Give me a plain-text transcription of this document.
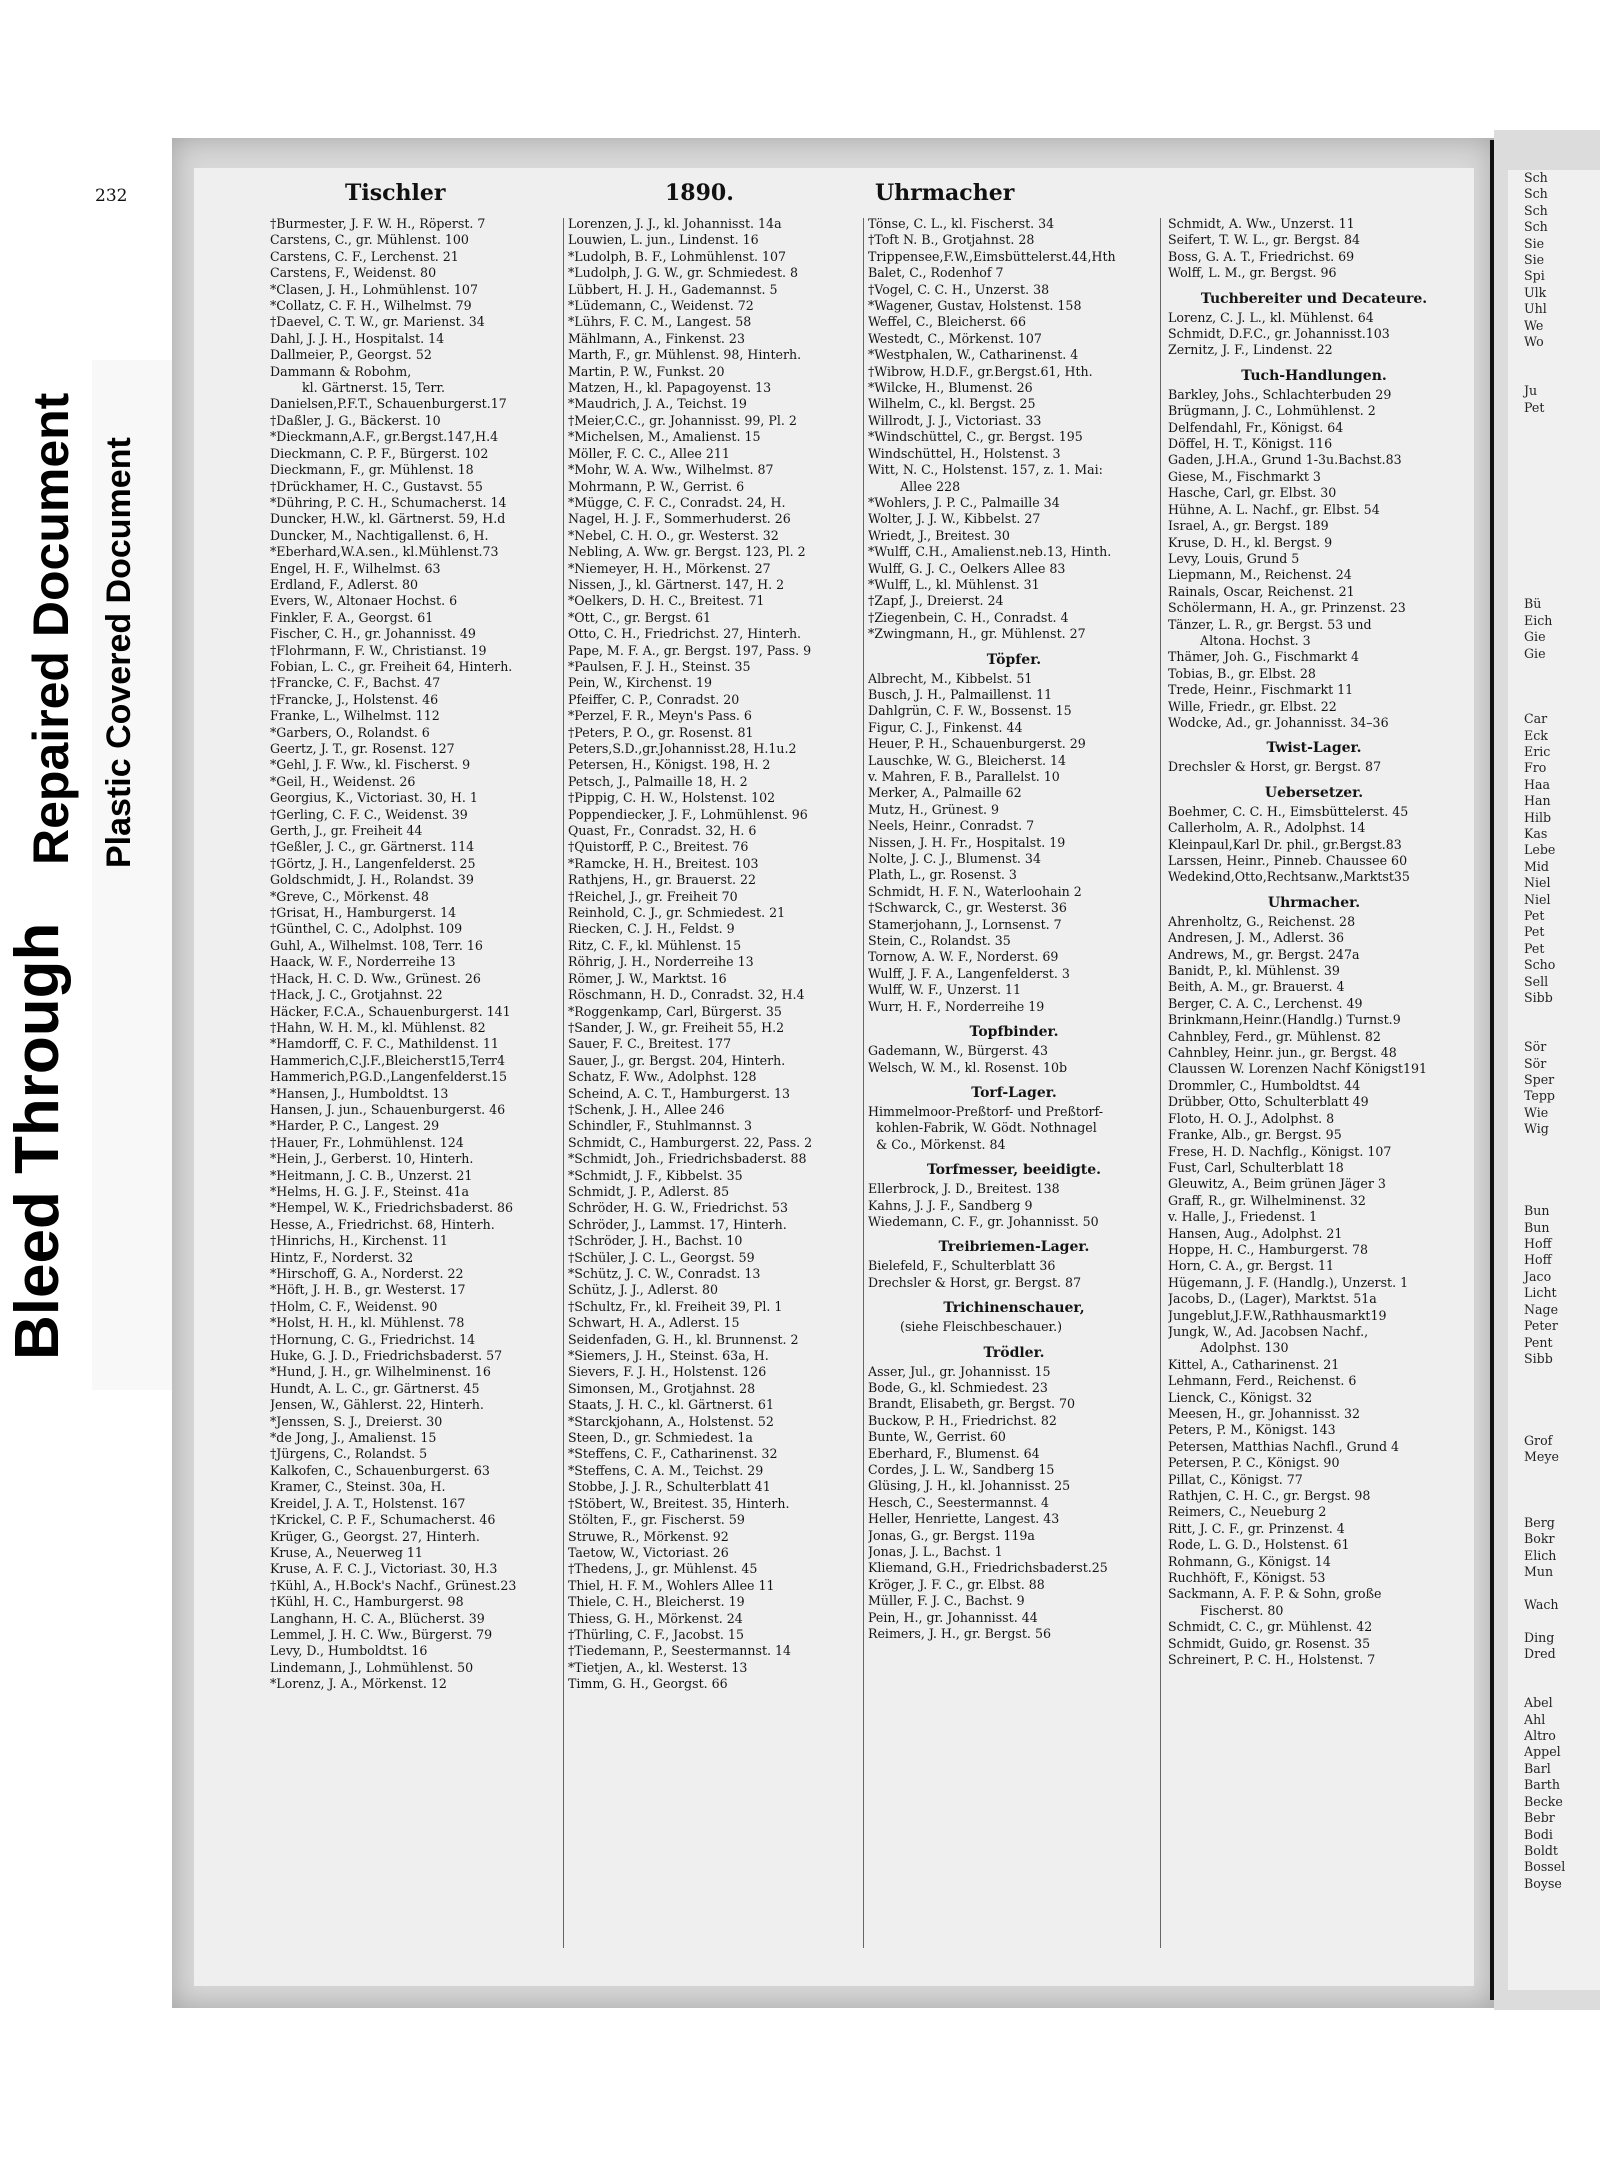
Bleed Through
Repaired Document Plastic Covered Document
232	Tischler	1890.	Uhrmacher
†Burmester, J. F. W. H., Röperst. 7
Carstens, C., gr. Mühlenst. 100
Carstens, C. F., Lerchenst. 21
Carstens, F., Weidenst. 80
*Clasen, J. H., Lohmühlenst. 107
*Collatz, C. F. H., Wilhelmst. 79
†Daevel, C. T. W., gr. Marienst. 34
Dahl, J. J. H., Hospitalst. 14
Dallmeier, P., Georgst. 52
Dammann & Robohm,
kl. Gärtnerst. 15, Terr.
Danielsen,P.F.T., Schauenburgerst.17
†Daßler, J. G., Bäckerst. 10
*Dieckmann,A.F., gr.Bergst.147,H.4
Dieckmann, C. P. F., Bürgerst. 102
Dieckmann, F., gr. Mühlenst. 18
†Drückhamer, H. C., Gustavst. 55
*Dühring, P. C. H., Schumacherst. 14
Duncker, H.W., kl. Gärtnerst. 59, H.d
Duncker, M., Nachtigallenst. 6, H.
*Eberhard,W.A.sen., kl.Mühlenst.73
Engel, H. F., Wilhelmst. 63
Erdland, F., Adlerst. 80
Evers, W., Altonaer Hochst. 6
Finkler, F. A., Georgst. 61
Fischer, C. H., gr. Johannisst. 49
†Flohrmann, F. W., Christianst. 19
Fobian, L. C., gr. Freiheit 64, Hinterh.
†Francke, C. F., Bachst. 47
†Francke, J., Holstenst. 46
Franke, L., Wilhelmst. 112
*Garbers, O., Rolandst. 6
Geertz, J. T., gr. Rosenst. 127
*Gehl, J. F. Ww., kl. Fischerst. 9
*Geil, H., Weidenst. 26
Georgius, K., Victoriast. 30, H. 1
†Gerling, C. F. C., Weidenst. 39
Gerth, J., gr. Freiheit 44
†Geßler, J. C., gr. Gärtnerst. 114
†Görtz, J. H., Langenfelderst. 25
Goldschmidt, J. H., Rolandst. 39
*Greve, C., Mörkenst. 48
†Grisat, H., Hamburgerst. 14
†Günthel, C. C., Adolphst. 109
Guhl, A., Wilhelmst. 108, Terr. 16
Haack, W. F., Norderreihe 13
†Hack, H. C. D. Ww., Grünest. 26
†Hack, J. C., Grotjahnst. 22
Häcker, F.C.A., Schauenburgerst. 141
†Hahn, W. H. M., kl. Mühlenst. 82
*Hamdorff, C. F. C., Mathildenst. 11
Hammerich,C.J.F.,Bleicherst15,Terr4
Hammerich,P.G.D.,Langenfelderst.15
*Hansen, J., Humboldtst. 13
Hansen, J. jun., Schauenburgerst. 46
*Harder, P. C., Langest. 29
†Hauer, Fr., Lohmühlenst. 124
*Hein, J., Gerberst. 10, Hinterh.
*Heitmann, J. C. B., Unzerst. 21
*Helms, H. G. J. F., Steinst. 41a
*Hempel, W. K., Friedrichsbaderst. 86
Hesse, A., Friedrichst. 68, Hinterh.
†Hinrichs, H., Kirchenst. 11
Hintz, F., Norderst. 32
*Hirschoff, G. A., Norderst. 22
*Höft, J. H. B., gr. Westerst. 17
†Holm, C. F., Weidenst. 90
*Holst, H. H., kl. Mühlenst. 78
†Hornung, C. G., Friedrichst. 14
Huke, G. J. D., Friedrichsbaderst. 57
*Hund, J. H., gr. Wilhelminenst. 16
Hundt, A. L. C., gr. Gärtnerst. 45
Jensen, W., Gählerst. 22, Hinterh.
*Jenssen, S. J., Dreierst. 30
*de Jong, J., Amalienst. 15
†Jürgens, C., Rolandst. 5
Kalkofen, C., Schauenburgerst. 63
Kramer, C., Steinst. 30a, H.
Kreidel, J. A. T., Holstenst. 167
†Krickel, C. P. F., Schumacherst. 46
Krüger, G., Georgst. 27, Hinterh.
Kruse, A., Neuerweg 11
Kruse, A. F. C. J., Victoriast. 30, H.3
†Kühl, A., H.Bock's Nachf., Grünest.23
†Kühl, H. C., Hamburgerst. 98
Langhann, H. C. A., Blücherst. 39
Lemmel, J. H. C. Ww., Bürgerst. 79
Levy, D., Humboldtst. 16
Lindemann, J., Lohmühlenst. 50
*Lorenz, J. A., Mörkenst. 12
Lorenzen, J. J., kl. Johannisst. 14a
Louwien, L. jun., Lindenst. 16
*Ludolph, B. F., Lohmühlenst. 107
*Ludolph, J. G. W., gr. Schmiedest. 8
Lübbert, H. J. H., Gademannst. 5
*Lüdemann, C., Weidenst. 72
*Lührs, F. C. M., Langest. 58
Mählmann, A., Finkenst. 23
Marth, F., gr. Mühlenst. 98, Hinterh.
Martin, P. W., Funkst. 20
Matzen, H., kl. Papagoyenst. 13
*Maudrich, J. A., Teichst. 19
†Meier,C.C., gr. Johannisst. 99, Pl. 2
*Michelsen, M., Amalienst. 15
Möller, F. C. C., Allee 211
*Mohr, W. A. Ww., Wilhelmst. 87
Mohrmann, P. W., Gerrist. 6
*Mügge, C. F. C., Conradst. 24, H.
Nagel, H. J. F., Sommerhuderst. 26
*Nebel, C. H. O., gr. Westerst. 32
Nebling, A. Ww. gr. Bergst. 123, Pl. 2
*Niemeyer, H. H., Mörkenst. 27
Nissen, J., kl. Gärtnerst. 147, H. 2
*Oelkers, D. H. C., Breitest. 71
*Ott, C., gr. Bergst. 61
Otto, C. H., Friedrichst. 27, Hinterh.
Pape, M. F. A., gr. Bergst. 197, Pass. 9
*Paulsen, F. J. H., Steinst. 35
Pein, W., Kirchenst. 19
Pfeiffer, C. P., Conradst. 20
*Perzel, F. R., Meyn's Pass. 6
†Peters, P. O., gr. Rosenst. 81
Peters,S.D.,gr.Johannisst.28, H.1u.2
Petersen, H., Königst. 198, H. 2
Petsch, J., Palmaille 18, H. 2
†Pippig, C. H. W., Holstenst. 102
Poppendiecker, J. F., Lohmühlenst. 96
Quast, Fr., Conradst. 32, H. 6
†Quistorff, P. C., Breitest. 76
*Ramcke, H. H., Breitest. 103
Rathjens, H., gr. Brauerst. 22
†Reichel, J., gr. Freiheit 70
Reinhold, C. J., gr. Schmiedest. 21
Riecken, C. J. H., Feldst. 9
Ritz, C. F., kl. Mühlenst. 15
Röhrig, J. H., Norderreihe 13
Römer, J. W., Marktst. 16
Röschmann, H. D., Conradst. 32, H.4
*Roggenkamp, Carl, Bürgerst. 35
†Sander, J. W., gr. Freiheit 55, H.2
Sauer, F. C., Breitest. 177
Sauer, J., gr. Bergst. 204, Hinterh.
Schatz, F. Ww., Adolphst. 128
Scheind, A. C. T., Hamburgerst. 13
†Schenk, J. H., Allee 246
Schindler, F., Stuhlmannst. 3
Schmidt, C., Hamburgerst. 22, Pass. 2
*Schmidt, Joh., Friedrichsbaderst. 88
*Schmidt, J. F., Kibbelst. 35
Schmidt, J. P., Adlerst. 85
Schröder, H. G. W., Friedrichst. 53
Schröder, J., Lammst. 17, Hinterh.
†Schröder, J. H., Bachst. 10
†Schüler, J. C. L., Georgst. 59
*Schütz, J. C. W., Conradst. 13
Schütz, J. J., Adlerst. 80
†Schultz, Fr., kl. Freiheit 39, Pl. 1
Schwart, H. A., Adlerst. 15
Seidenfaden, G. H., kl. Brunnenst. 2
*Siemers, J. H., Steinst. 63a, H.
Sievers, F. J. H., Holstenst. 126
Simonsen, M., Grotjahnst. 28
Staats, J. H. C., kl. Gärtnerst. 61
*Starckjohann, A., Holstenst. 52
Steen, D., gr. Schmiedest. 1a
*Steffens, C. F., Catharinenst. 32
*Steffens, C. A. M., Teichst. 29
Stobbe, J. J. R., Schulterblatt 41
†Stöbert, W., Breitest. 35, Hinterh.
Stölten, F., gr. Fischerst. 59
Struwe, R., Mörkenst. 92
Taetow, W., Victoriast. 26
†Thedens, J., gr. Mühlenst. 45
Thiel, H. F. M., Wohlers Allee 11
Thiele, C. H., Bleicherst. 19
Thiess, G. H., Mörkenst. 24
†Thürling, C. F., Jacobst. 15
†Tiedemann, P., Seestermannst. 14
*Tietjen, A., kl. Westerst. 13
Timm, G. H., Georgst. 66
Tönse, C. L., kl. Fischerst. 34
†Toft N. B., Grotjahnst. 28
Trippensee,F.W.,Eimsbüttelerst.44,Hth
Balet, C., Rodenhof 7
†Vogel, C. C. H., Unzerst. 38
*Wagener, Gustav, Holstenst. 158
Weffel, C., Bleicherst. 66
Westedt, C., Mörkenst. 107
*Westphalen, W., Catharinenst. 4
†Wibrow, H.D.F., gr.Bergst.61, Hth.
*Wilcke, H., Blumenst. 26
Wilhelm, C., kl. Bergst. 25
Willrodt, J. J., Victoriast. 33
*Windschüttel, C., gr. Bergst. 195
Windschüttel, H., Holstenst. 3
Witt, N. C., Holstenst. 157, z. 1. Mai:
Allee 228
*Wohlers, J. P. C., Palmaille 34
Wolter, J. J. W., Kibbelst. 27
Wriedt, J., Breitest. 30
*Wulff, C.H., Amalienst.neb.13, Hinth.
Wulff, G. J. C., Oelkers Allee 83
*Wulff, L., kl. Mühlenst. 31
†Zapf, J., Dreierst. 24
†Ziegenbein, C. H., Conradst. 4
*Zwingmann, H., gr. Mühlenst. 27
Töpfer.
Albrecht, M., Kibbelst. 51
Busch, J. H., Palmaillenst. 11
Dahlgrün, C. F. W., Bossenst. 15
Figur, C. J., Finkenst. 44
Heuer, P. H., Schauenburgerst. 29
Lauschke, W. G., Bleicherst. 14
v. Mahren, F. B., Parallelst. 10
Merker, A., Palmaille 62
Mutz, H., Grünest. 9
Neels, Heinr., Conradst. 7
Nissen, J. H. Fr., Hospitalst. 19
Nolte, J. C. J., Blumenst. 34
Plath, L., gr. Rosenst. 3
Schmidt, H. F. N., Waterloohain 2
†Schwarck, C., gr. Westerst. 36
Stamerjohann, J., Lornsenst. 7
Stein, C., Rolandst. 35
Tornow, A. W. F., Norderst. 69
Wulff, J. F. A., Langenfelderst. 3
Wulff, W. F., Unzerst. 11
Wurr, H. F., Norderreihe 19
Topfbinder.
Gademann, W., Bürgerst. 43
Welsch, W. M., kl. Rosenst. 10b
Torf-Lager.
Himmelmoor-Preßtorf- und Preßtorf-
kohlen-Fabrik, W. Gödt. Nothnagel
& Co., Mörkenst. 84
Torfmesser, beeidigte.
Ellerbrock, J. D., Breitest. 138
Kahns, J. J. F., Sandberg 9
Wiedemann, C. F., gr. Johannisst. 50
Treibriemen-Lager.
Bielefeld, F., Schulterblatt 36
Drechsler & Horst, gr. Bergst. 87
Trichinenschauer,
(siehe Fleischbeschauer.)
Trödler.
Asser, Jul., gr. Johannisst. 15
Bode, G., kl. Schmiedest. 23
Brandt, Elisabeth, gr. Bergst. 70
Buckow, P. H., Friedrichst. 82
Bunte, W., Gerrist. 60
Eberhard, F., Blumenst. 64
Cordes, J. L. W., Sandberg 15
Glüsing, J. H., kl. Johannisst. 25
Hesch, C., Seestermannst. 4
Heller, Henriette, Langest. 43
Jonas, G., gr. Bergst. 119a
Jonas, J. L., Bachst. 1
Kliemand, G.H., Friedrichsbaderst.25
Kröger, J. F. C., gr. Elbst. 88
Müller, F. J. C., Bachst. 9
Pein, H., gr. Johannisst. 44
Reimers, J. H., gr. Bergst. 56
Schmidt, A. Ww., Unzerst. 11
Seifert, T. W. L., gr. Bergst. 84
Boss, G. A. T., Friedrichst. 69
Wolff, L. M., gr. Bergst. 96
Tuchbereiter und Decateure.
Lorenz, C. J. L., kl. Mühlenst. 64
Schmidt, D.F.C., gr. Johannisst.103
Zernitz, J. F., Lindenst. 22
Tuch-Handlungen.
Barkley, Johs., Schlachterbuden 29
Brügmann, J. C., Lohmühlenst. 2
Delfendahl, Fr., Königst. 64
Döffel, H. T., Königst. 116
Gaden, J.H.A., Grund 1-3u.Bachst.83
Giese, M., Fischmarkt 3
Hasche, Carl, gr. Elbst. 30
Hühne, A. L. Nachf., gr. Elbst. 54
Israel, A., gr. Bergst. 189
Kruse, D. H., kl. Bergst. 9
Levy, Louis, Grund 5
Liepmann, M., Reichenst. 24
Rainals, Oscar, Reichenst. 21
Schölermann, H. A., gr. Prinzenst. 23
Tänzer, L. R., gr. Bergst. 53 und
Altona. Hochst. 3
Thämer, Joh. G., Fischmarkt 4
Tobias, B., gr. Elbst. 28
Trede, Heinr., Fischmarkt 11
Wille, Friedr., gr. Elbst. 22
Wodcke, Ad., gr. Johannisst. 34–36
Twist-Lager.
Drechsler & Horst, gr. Bergst. 87
Uebersetzer.
Boehmer, C. C. H., Eimsbüttelerst. 45
Callerholm, A. R., Adolphst. 14
Kleinpaul,Karl Dr. phil., gr.Bergst.83
Larssen, Heinr., Pinneb. Chaussee 60
Wedekind,Otto,Rechtsanw.,Marktst35
Uhrmacher.
Ahrenholtz, G., Reichenst. 28
Andresen, J. M., Adlerst. 36
Andrews, M., gr. Bergst. 247a
Banidt, P., kl. Mühlenst. 39
Beith, A. M., gr. Brauerst. 4
Berger, C. A. C., Lerchenst. 49
Brinkmann,Heinr.(Handlg.) Turnst.9
Cahnbley, Ferd., gr. Mühlenst. 82
Cahnbley, Heinr. jun., gr. Bergst. 48
Claussen W. Lorenzen Nachf Königst191
Drommler, C., Humboldtst. 44
Drübber, Otto, Schulterblatt 49
Floto, H. O. J., Adolphst. 8
Franke, Alb., gr. Bergst. 95
Frese, H. D. Nachflg., Königst. 107
Fust, Carl, Schulterblatt 18
Gleuwitz, A., Beim grünen Jäger 3
Graff, R., gr. Wilhelminenst. 32
v. Halle, J., Friedenst. 1
Hansen, Aug., Adolphst. 21
Hoppe, H. C., Hamburgerst. 78
Horn, C. A., gr. Bergst. 11
Hügemann, J. F. (Handlg.), Unzerst. 1
Jacobs, D., (Lager), Marktst. 51a
Jungeblut,J.F.W.,Rathhausmarkt19
Jungk, W., Ad. Jacobsen Nachf.,
Adolphst. 130
Kittel, A., Catharinenst. 21
Lehmann, Ferd., Reichenst. 6
Lienck, C., Königst. 32
Meesen, H., gr. Johannisst. 32
Peters, P. M., Königst. 143
Petersen, Matthias Nachfl., Grund 4
Petersen, P. C., Königst. 90
Pillat, C., Königst. 77
Rathjen, C. H. C., gr. Bergst. 98
Reimers, C., Neueburg 2
Ritt, J. C. F., gr. Prinzenst. 4
Rode, L. G. D., Holstenst. 61
Rohmann, G., Königst. 14
Ruchhöft, F., Königst. 53
Sackmann, A. F. P. & Sohn, große
Fischerst. 80
Schmidt, C. C., gr. Mühlenst. 42
Schmidt, Guido, gr. Rosenst. 35
Schreinert, P. C. H., Holstenst. 7
Sch
Sch
Sch
Sch
Sie
Sie
Spi
Ulk
Uhl
We
Wo
Ju
Pet
Bü
Eich
Gie
Gie
Car
Eck
Eric
Fro
Haa
Han
Hilb
Kas
Lebe
Mid
Niel
Niel
Pet
Pet
Pet
Scho
Sell
Sibb
Sör
Sör
Sper
Tepp
Wie
Wig
Bun
Bun
Hoff
Hoff
Jaco
Licht
Nage
Peter
Pent
Sibb
Grof
Meye
Berg
Bokr
Elich
Mun
Wach
Ding
Dred
Abel
Ahl
Altro
Appel
Barl
Barth
Becke
Bebr
Bodi
Boldt
Bossel
Boyse
